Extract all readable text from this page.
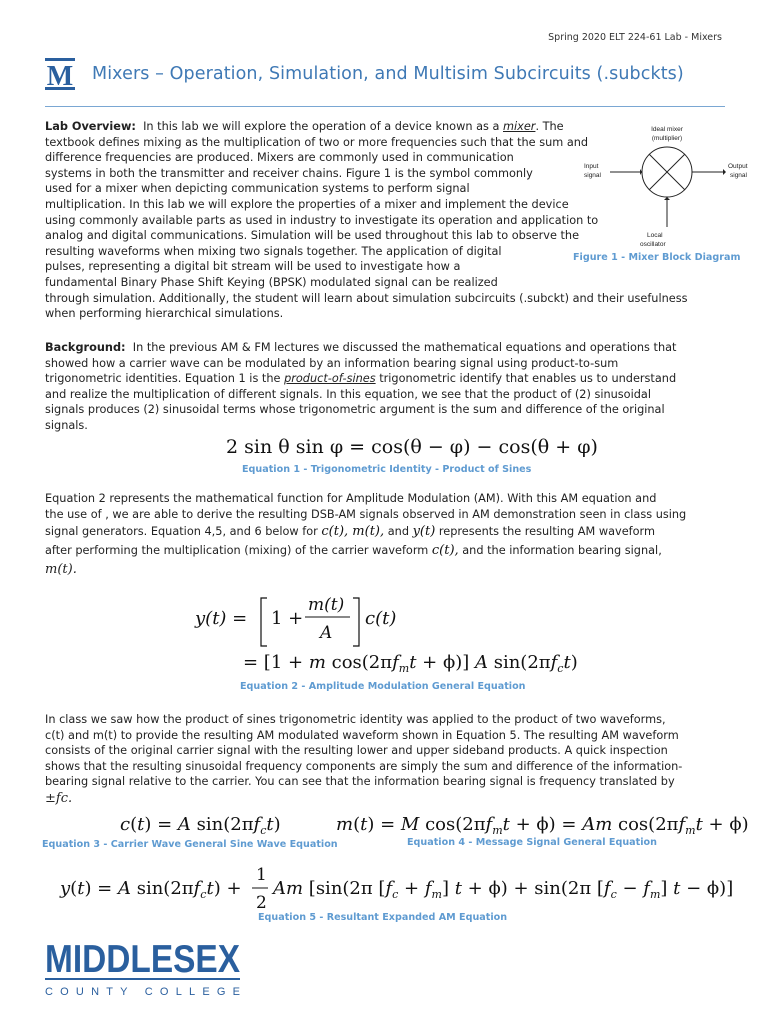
Spring 2020 ELT 224-61 Lab - Mixers
M Mixers – Operation, Simulation, and Multisim Subcircuits (.subckts)

Lab Overview: In this lab we will explore the operation of a device known as a mixer. The

textbook defines mixing as the multiplication of two or more frequencies such that the sum and
difference frequencies are produced. Mixers are commonly used in communication
systems in both the transmitter and receiver chains. Figure 1 is the symbol commonly
used for a mixer when depicting communication systems to perform signal
multiplication. In this lab we will explore the properties of a mixer and implement the device
using commonly available parts as used in industry to investigate its operation and application to
analog and digital communications. Simulation will be used throughout this lab to observe the
resulting waveforms when mixing two signals together. The application of digital
pulses, representing a digital bit stream will be used to investigate how a
fundamental Binary Phase Shift Keying (BPSK) modulated signal can be realized
through simulation. Additionally, the student will learn about simulation subcircuits (.subckt) and their usefulness
when performing hierarchical simulations.

Ideal mixer
(multiplier)
Input
signal
Output
signal
Local
oscillator
Figure 1 - Mixer Block Diagram

Background: In the previous AM & FM lectures we discussed the mathematical equations and operations that

showed how a carrier wave can be modulated by an information bearing signal using product-to-sum

trigonometric identities. Equation 1 is the product-of-sines trigonometric identify that enables us to understand

and realize the multiplication of different signals. In this equation, we see that the product of (2) sinusoidal

signals produces (2) sinusoidal terms whose trigonometric argument is the sum and difference of the original

signals.

2 sin θ sin φ = cos(θ − φ) − cos(θ + φ)
Equation 1 - Trigonometric Identity - Product of Sines

Equation 2 represents the mathematical function for Amplitude Modulation (AM). With this AM equation and

the use of , we are able to derive the resulting DSB-AM signals observed in AM demonstration seen in class using

signal generators. Equation 4,5, and 6 below for c(t), m(t), and y(t) represents the resulting AM waveform

after performing the multiplication (mixing) of the carrier waveform c(t), and the information bearing signal,

m(t).

y(t) = 1 +
m(t)
A
c(t)
= [1 + m $\cos(2\pi f_mt + \phi)$] A $\sin(2\pi f_ct)$
Equation 2 - Amplitude Modulation General Equation

In class we saw how the product of sines trigonometric identity was applied to the product of two waveforms,

c(t) and m(t) to provide the resulting AM modulated waveform shown in Equation 5. The resulting AM waveform

consists of the original carrier signal with the resulting lower and upper sideband products. A quick inspection

shows that the resulting sinusoidal frequency components are simply the sum and difference of the information-

bearing signal relative to the carrier. You can see that the information bearing signal is frequency translated by

±fc.

c(t) = A $\sin(2\pi f_ct)$	m(t) = M $\cos(2\pi f_mt + \phi) = Am$ $\cos(2\pi f_mt + \phi)$
Equation 3 - Carrier Wave General Sine Wave Equation	Equation 4 - Message Signal General Equation
y(t) = A $\sin(2\pi f_ct)$ +
1
2
Am [sin(2π $[f_c + f_m] t + \phi) + \sin(2\pi$ $[f_c - f_m] t - \phi$)]
Equation 5 - Resultant Expanded AM Equation
MIDDLESEX
COUNTY COLLEGE
